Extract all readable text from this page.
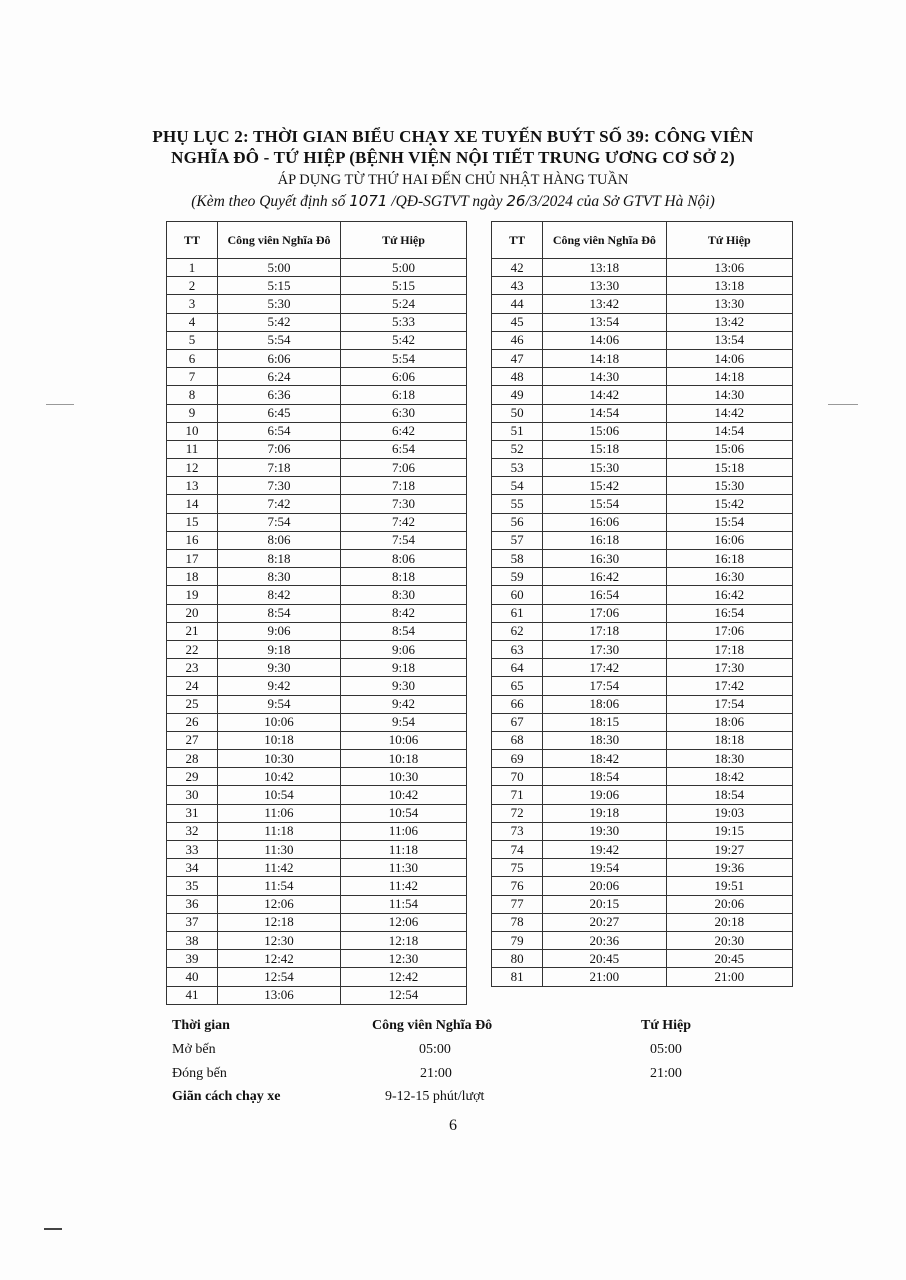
PHỤ LỤC 2: THỜI GIAN BIỂU CHẠY XE TUYẾN BUÝT SỐ 39: CÔNG VIÊN
NGHĨA ĐÔ - TỨ HIỆP (BỆNH VIỆN NỘI TIẾT TRUNG ƯƠNG CƠ SỞ 2)
ÁP DỤNG TỪ THỨ HAI ĐẾN CHỦ NHẬT HÀNG TUẦN
(Kèm theo Quyết định số 1071 /QĐ-SGTVT ngày 26/3/2024 của Sở GTVT Hà Nội)
TT	Công viên Nghĩa Đô	Tứ Hiệp
1	5:00	5:00
2	5:15	5:15
3	5:30	5:24
4	5:42	5:33
5	5:54	5:42
6	6:06	5:54
7	6:24	6:06
8	6:36	6:18
9	6:45	6:30
10	6:54	6:42
11	7:06	6:54
12	7:18	7:06
13	7:30	7:18
14	7:42	7:30
15	7:54	7:42
16	8:06	7:54
17	8:18	8:06
18	8:30	8:18
19	8:42	8:30
20	8:54	8:42
21	9:06	8:54
22	9:18	9:06
23	9:30	9:18
24	9:42	9:30
25	9:54	9:42
26	10:06	9:54
27	10:18	10:06
28	10:30	10:18
29	10:42	10:30
30	10:54	10:42
31	11:06	10:54
32	11:18	11:06
33	11:30	11:18
34	11:42	11:30
35	11:54	11:42
36	12:06	11:54
37	12:18	12:06
38	12:30	12:18
39	12:42	12:30
40	12:54	12:42
41	13:06	12:54
TT	Công viên Nghĩa Đô	Tứ Hiệp
42	13:18	13:06
43	13:30	13:18
44	13:42	13:30
45	13:54	13:42
46	14:06	13:54
47	14:18	14:06
48	14:30	14:18
49	14:42	14:30
50	14:54	14:42
51	15:06	14:54
52	15:18	15:06
53	15:30	15:18
54	15:42	15:30
55	15:54	15:42
56	16:06	15:54
57	16:18	16:06
58	16:30	16:18
59	16:42	16:30
60	16:54	16:42
61	17:06	16:54
62	17:18	17:06
63	17:30	17:18
64	17:42	17:30
65	17:54	17:42
66	18:06	17:54
67	18:15	18:06
68	18:30	18:18
69	18:42	18:30
70	18:54	18:42
71	19:06	18:54
72	19:18	19:03
73	19:30	19:15
74	19:42	19:27
75	19:54	19:36
76	20:06	19:51
77	20:15	20:06
78	20:27	20:18
79	20:36	20:30
80	20:45	20:45
81	21:00	21:00
Thời gian	Công viên Nghĩa Đô	Tứ Hiệp
Mở bến	05:00	05:00
Đóng bến	21:00	21:00
Giãn cách chạy xe	9-12-15 phút/lượt
6
